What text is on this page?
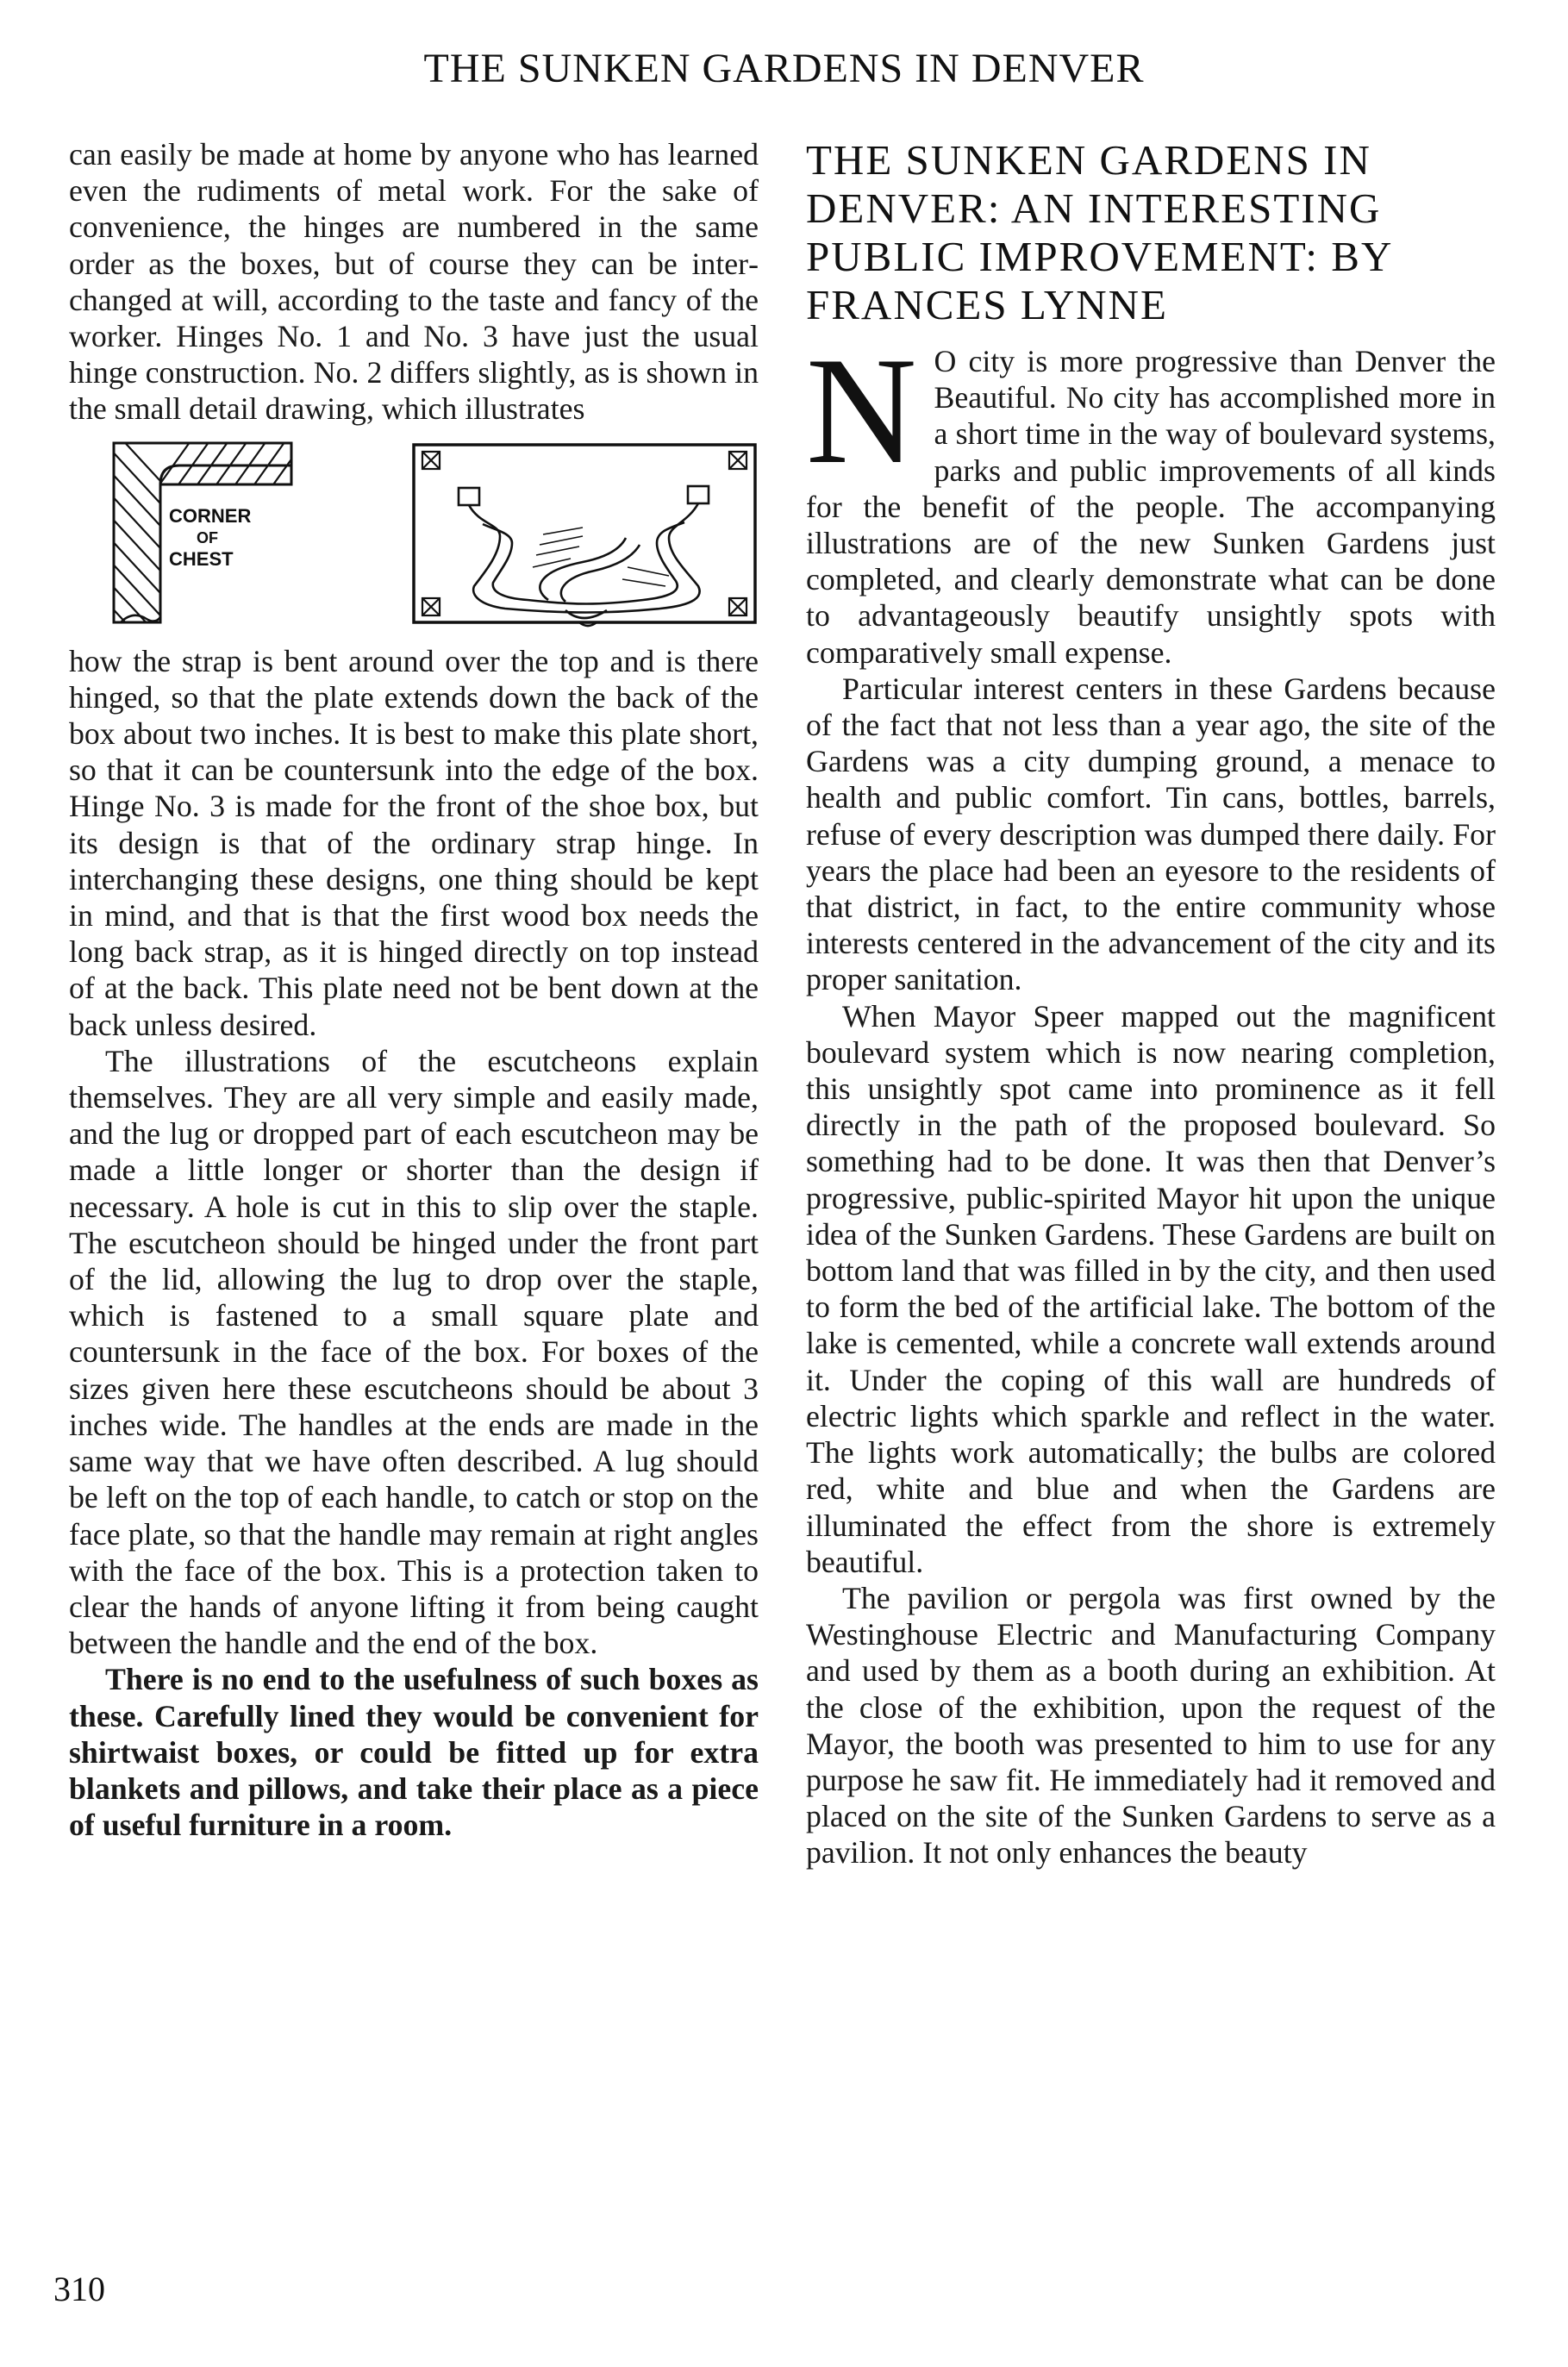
THE SUNKEN GARDENS IN DENVER

can easily be made at home by anyone who has learned even the rudiments of metal work. For the sake of convenience, the hinges are numbered in the same order as the boxes, but of course they can be interchanged at will, according to the taste and fancy of the worker. Hinges No. 1 and No. 3 have just the usual hinge construction. No. 2 differs slightly, as is shown in the small detail drawing, which illustrates

CORNER
OF
CHEST

how the strap is bent around over the top and is there hinged, so that the plate extends down the back of the box about two inches. It is best to make this plate short, so that it can be countersunk into the edge of the box. Hinge No. 3 is made for the front of the shoe box, but its design is that of the ordinary strap hinge. In interchanging these designs, one thing should be kept in mind, and that is that the first wood box needs the long back strap, as it is hinged directly on top instead of at the back. This plate need not be bent down at the back unless desired.

The illustrations of the escutcheons explain themselves. They are all very simple and easily made, and the lug or dropped part of each escutcheon may be made a little longer or shorter than the design if necessary. A hole is cut in this to slip over the staple. The escutcheon should be hinged under the front part of the lid, allowing the lug to drop over the staple, which is fastened to a small square plate and countersunk in the face of the box. For boxes of the sizes given here these escutcheons should be about 3 inches wide. The handles at the ends are made in the same way that we have often described. A lug should be left on the top of each handle, to catch or stop on the face plate, so that the handle may remain at right angles with the face of the box. This is a protection taken to clear the hands of anyone lifting it from being caught between the handle and the end of the box.

There is no end to the usefulness of such boxes as these. Carefully lined they would be convenient for shirtwaist boxes, or could be fitted up for extra blankets and pillows, and take their place as a piece of useful furniture in a room.

THE SUNKEN GARDENS IN DENVER: AN INTERESTING PUBLIC IMPROVEMENT: BY FRANCES LYNNE

N O city is more progressive than Denver the Beautiful. No city has accomplished more in a short time in the way of boulevard systems, parks and public improvements of all kinds for the benefit of the people. The accompanying illustrations are of the new Sunken Gardens just completed, and clearly demonstrate what can be done to advantageously beautify unsightly spots with comparatively small expense.

Particular interest centers in these Gardens because of the fact that not less than a year ago, the site of the Gardens was a city dumping ground, a menace to health and public comfort. Tin cans, bottles, barrels, refuse of every description was dumped there daily. For years the place had been an eyesore to the residents of that district, in fact, to the entire community whose interests centered in the advancement of the city and its proper sanitation.

When Mayor Speer mapped out the magnificent boulevard system which is now nearing completion, this unsightly spot came into prominence as it fell directly in the path of the proposed boulevard. So something had to be done. It was then that Denver’s progressive, public-spirited Mayor hit upon the unique idea of the Sunken Gardens. These Gardens are built on bottom land that was filled in by the city, and then used to form the bed of the artificial lake. The bottom of the lake is cemented, while a concrete wall extends around it. Under the coping of this wall are hundreds of electric lights which sparkle and reflect in the water. The lights work automatically; the bulbs are colored red, white and blue and when the Gardens are illuminated the effect from the shore is extremely beautiful.

The pavilion or pergola was first owned by the Westinghouse Electric and Manufacturing Company and used by them as a booth during an exhibition. At the close of the exhibition, upon the request of the Mayor, the booth was presented to him to use for any purpose he saw fit. He immediately had it removed and placed on the site of the Sunken Gardens to serve as a pavilion. It not only enhances the beauty

310
